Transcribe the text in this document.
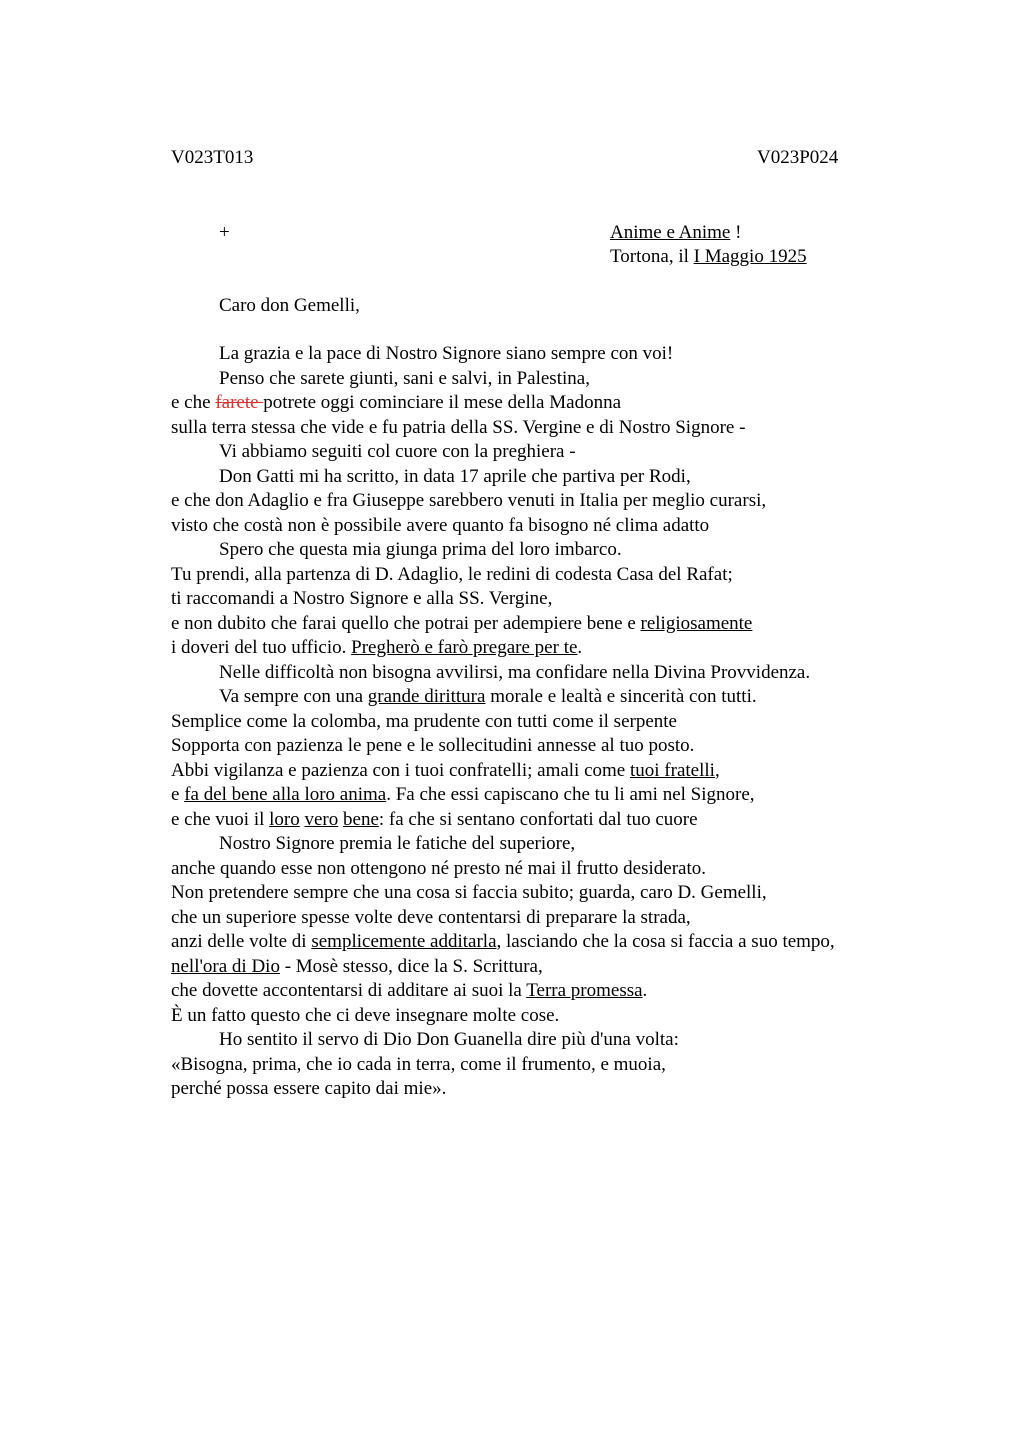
V023T013	V023P024
+	Anime e Anime !
Tortona, il I Maggio 1925
Caro don Gemelli,
La grazia e la pace di Nostro Signore siano sempre con voi!
Penso che sarete giunti, sani e salvi, in Palestina,
e che farete potrete oggi cominciare il mese della Madonna
sulla terra stessa che vide e fu patria della SS. Vergine e di Nostro Signore -
Vi abbiamo seguiti col cuore con la preghiera -
Don Gatti mi ha scritto, in data 17 aprile che partiva per Rodi,
e che don Adaglio e fra Giuseppe sarebbero venuti in Italia per meglio curarsi,
visto che costà non è possibile avere quanto fa bisogno né clima adatto
Spero che questa mia giunga prima del loro imbarco.
Tu prendi, alla partenza di D. Adaglio, le redini di codesta Casa del Rafat;
ti raccomandi a Nostro Signore e alla SS. Vergine,
e non dubito che farai quello che potrai per adempiere bene e religiosamente
i doveri del tuo ufficio. Pregherò e farò pregare per te.
Nelle difficoltà non bisogna avvilirsi, ma confidare nella Divina Provvidenza.
Va sempre con una grande dirittura morale e lealtà e sincerità con tutti.
Semplice come la colomba, ma prudente con tutti come il serpente
Sopporta con pazienza le pene e le sollecitudini annesse al tuo posto.
Abbi vigilanza e pazienza con i tuoi confratelli; amali come tuoi fratelli,
e fa del bene alla loro anima. Fa che essi capiscano che tu li ami nel Signore,
e che vuoi il loro vero bene: fa che si sentano confortati dal tuo cuore
Nostro Signore premia le fatiche del superiore,
anche quando esse non ottengono né presto né mai il frutto desiderato.
Non pretendere sempre che una cosa si faccia subito; guarda, caro D. Gemelli,
che un superiore spesse volte deve contentarsi di preparare la strada,
anzi delle volte di semplicemente additarla, lasciando che la cosa si faccia a suo tempo,
nell'ora di Dio - Mosè stesso, dice la S. Scrittura,
che dovette accontentarsi di additare ai suoi la Terra promessa.
È un fatto questo che ci deve insegnare molte cose.
Ho sentito il servo di Dio Don Guanella dire più d'una volta:
«Bisogna, prima, che io cada in terra, come il frumento, e muoia,
perché possa essere capito dai mie».
